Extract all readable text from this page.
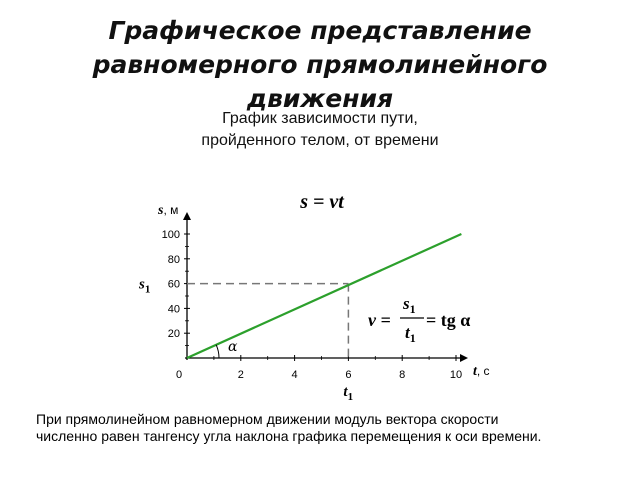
Графическое представление
равномерного прямолинейного

движения
График зависимости пути,
пройденного телом, от времени
0	2	4	6	8	10
20
40
60
80
100
α
s = vt
s, м
t, с
$s_1$
$t_1$
v =
$s_1$
$t_1$
= tg α
При прямолинейном равномерном движении модуль вектора скорости
численно равен тангенсу угла наклона графика перемещения к оси времени.
